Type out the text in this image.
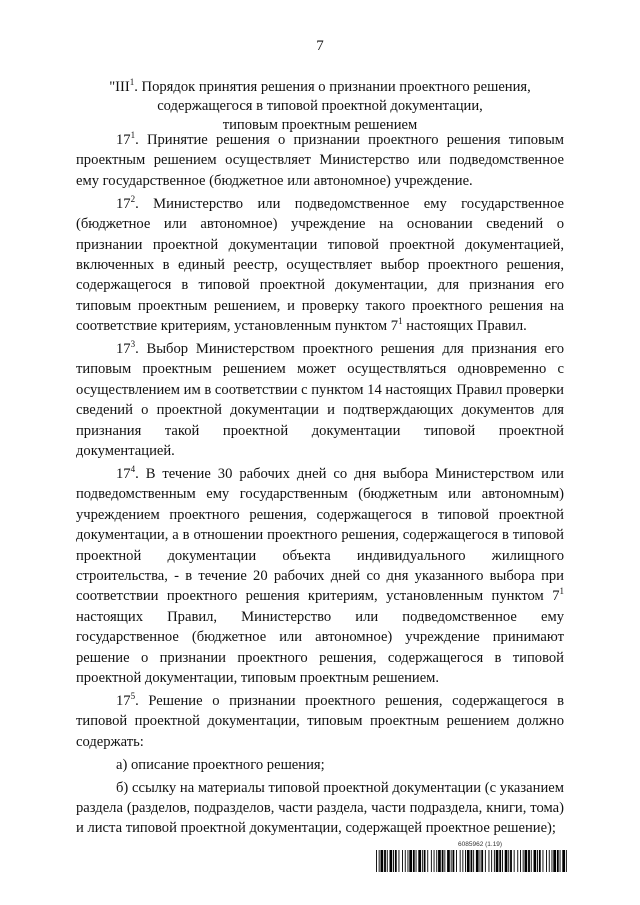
7
"III$^1$. Порядок принятия решения о признании проектного решения,
содержащегося в типовой проектной документации,
типовым проектным решением

$17^1$. Принятие решения о признании проектного решения типовым проектным решением осуществляет Министерство или подведомственное ему государственное (бюджетное или автономное) учреждение.

$17^2$. Министерство или подведомственное ему государственное (бюджетное или автономное) учреждение на основании сведений о признании проектной документации типовой проектной документацией, включенных в единый реестр, осуществляет выбор проектного решения, содержащегося в типовой проектной документации, для признания его типовым проектным решением, и проверку такого проектного решения на соответствие критериям, установленным пунктом $7^1$ настоящих Правил.

$17^3$. Выбор Министерством проектного решения для признания его типовым проектным решением может осуществляться одновременно с осуществлением им в соответствии с пунктом 14 настоящих Правил проверки сведений о проектной документации и подтверждающих документов для признания такой проектной документации типовой проектной документацией.

$17^4$. В течение 30 рабочих дней со дня выбора Министерством или подведомственным ему государственным (бюджетным или автономным) учреждением проектного решения, содержащегося в типовой проектной документации, а в отношении проектного решения, содержащегося в типовой проектной документации объекта индивидуального жилищного строительства, - в течение 20 рабочих дней со дня указанного выбора при соответствии проектного решения критериям, установленным пунктом $7^1$ настоящих Правил, Министерство или подведомственное ему государственное (бюджетное или автономное) учреждение принимают решение о признании проектного решения, содержащегося в типовой проектной документации, типовым проектным решением.

$17^5$. Решение о признании проектного решения, содержащегося в типовой проектной документации, типовым проектным решением должно содержать:

а) описание проектного решения;

б) ссылку на материалы типовой проектной документации (с указанием раздела (разделов, подразделов, части раздела, части подраздела, книги, тома) и листа типовой проектной документации, содержащей проектное решение);

6085962 (1.19)
